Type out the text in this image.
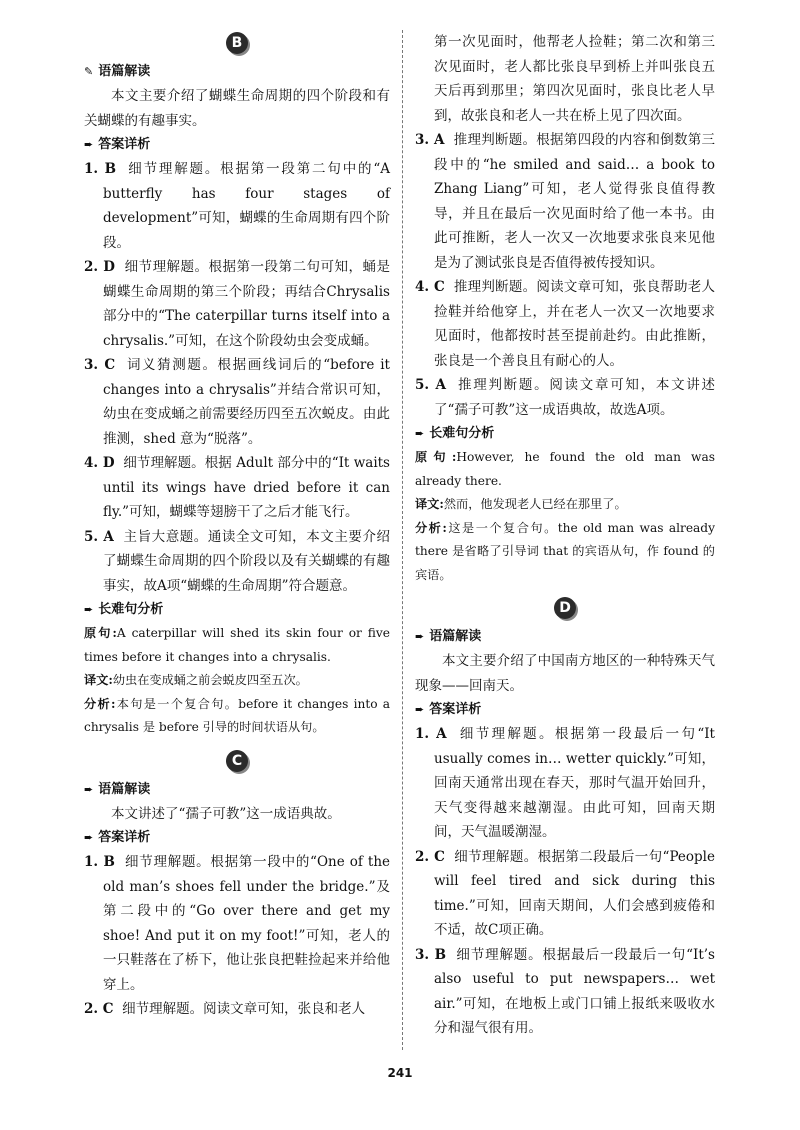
B

✎ 语篇解读

本文主要介绍了蝴蝶生命周期的四个阶段和有关蝴蝶的有趣事实。

➨ 答案详析

1. B 细节理解题。根据第一段第二句中的“A butterfly has four stages of development”可知，蝴蝶的生命周期有四个阶段。

2. D 细节理解题。根据第一段第二句可知，蛹是蝴蝶生命周期的第三个阶段；再结合Chrysalis部分中的“The caterpillar turns itself into a chrysalis.”可知，在这个阶段幼虫会变成蛹。

3. C 词义猜测题。根据画线词后的“before it changes into a chrysalis”并结合常识可知，幼虫在变成蛹之前需要经历四至五次蜕皮。由此推测，shed 意为“脱落”。

4. D 细节理解题。根据 Adult 部分中的“It waits until its wings have dried before it can fly.”可知，蝴蝶等翅膀干了之后才能飞行。

5. A 主旨大意题。通读全文可知，本文主要介绍了蝴蝶生命周期的四个阶段以及有关蝴蝶的有趣事实，故A项“蝴蝶的生命周期”符合题意。

➨ 长难句分析

原句:A caterpillar will shed its skin four or five times before it changes into a chrysalis.

译文:幼虫在变成蛹之前会蜕皮四至五次。

分析:本句是一个复合句。before it changes into a chrysalis 是 before 引导的时间状语从句。

C

➨ 语篇解读

本文讲述了“孺子可教”这一成语典故。

➨ 答案详析

1. B 细节理解题。根据第一段中的“One of the old man’s shoes fell under the bridge.”及第二段中的“Go over there and get my shoe! And put it on my foot!”可知，老人的一只鞋落在了桥下，他让张良把鞋捡起来并给他穿上。

2. C 细节理解题。阅读文章可知，张良和老人

第一次见面时，他帮老人捡鞋；第二次和第三次见面时，老人都比张良早到桥上并叫张良五天后再到那里；第四次见面时，张良比老人早到，故张良和老人一共在桥上见了四次面。

3. A 推理判断题。根据第四段的内容和倒数第三段中的“he smiled and said… a book to Zhang Liang”可知，老人觉得张良值得教导，并且在最后一次见面时给了他一本书。由此可推断，老人一次又一次地要求张良来见他是为了测试张良是否值得被传授知识。

4. C 推理判断题。阅读文章可知，张良帮助老人捡鞋并给他穿上，并在老人一次又一次地要求见面时，他都按时甚至提前赴约。由此推断，张良是一个善良且有耐心的人。

5. A 推理判断题。阅读文章可知，本文讲述了“孺子可教”这一成语典故，故选A项。

➨ 长难句分析

原句:However, he found the old man was already there.

译文:然而，他发现老人已经在那里了。

分析:这是一个复合句。the old man was already there 是省略了引导词 that 的宾语从句，作 found 的宾语。

D

➨ 语篇解读

本文主要介绍了中国南方地区的一种特殊天气现象——回南天。

➨ 答案详析

1. A 细节理解题。根据第一段最后一句“It usually comes in… wetter quickly.”可知，回南天通常出现在春天，那时气温开始回升，天气变得越来越潮湿。由此可知，回南天期间，天气温暖潮湿。

2. C 细节理解题。根据第二段最后一句“People will feel tired and sick during this time.”可知，回南天期间，人们会感到疲倦和不适，故C项正确。

3. B 细节理解题。根据最后一段最后一句“It’s also useful to put newspapers… wet air.”可知，在地板上或门口铺上报纸来吸收水分和湿气很有用。

241
